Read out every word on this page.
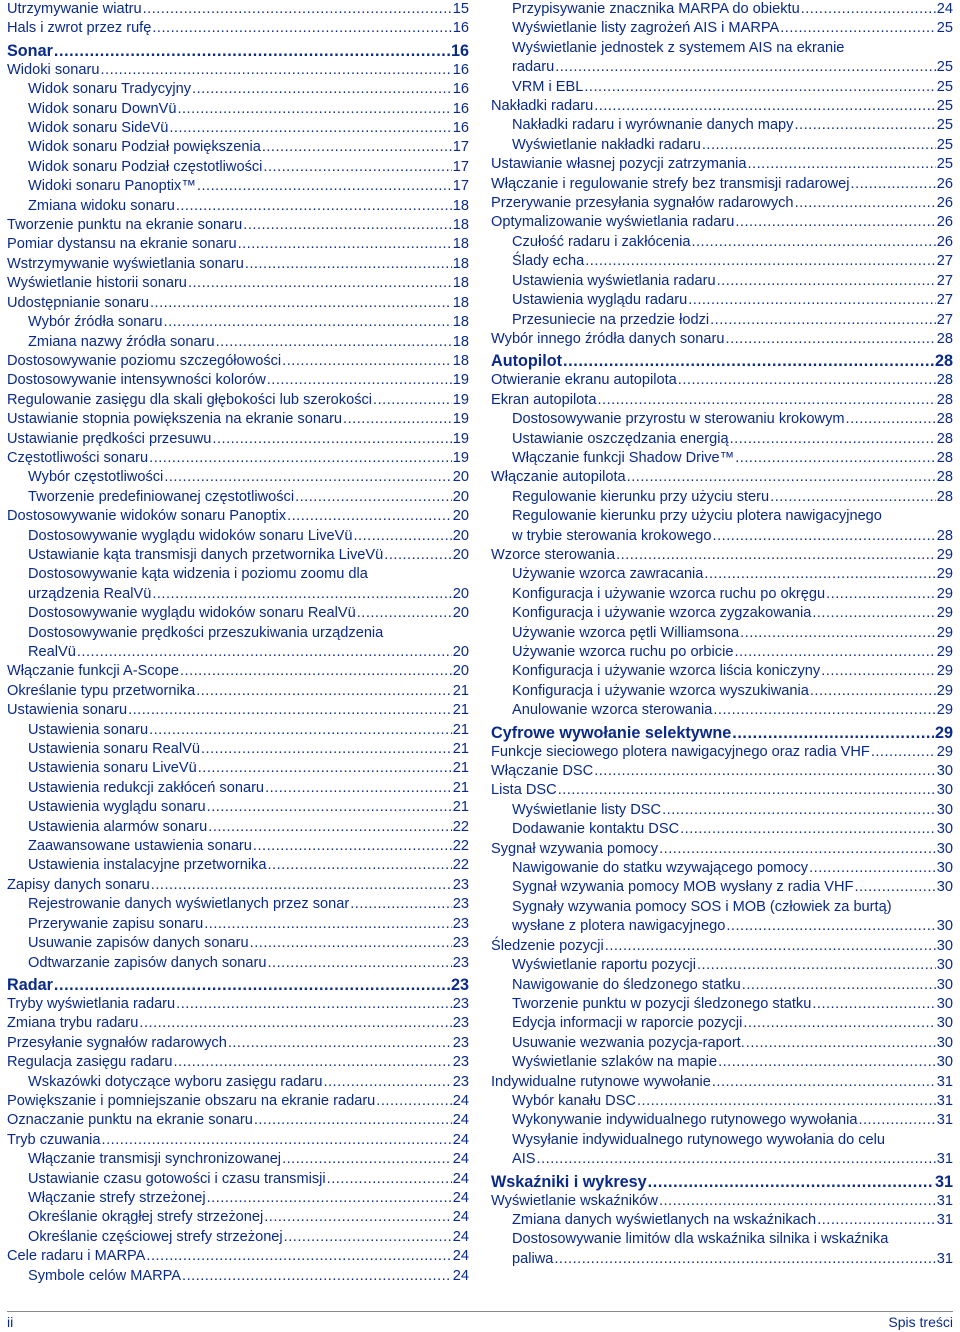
Utrzymywanie wiatru .....	15
Hals i zwrot przez rufę .....	16
Sonar .....	16
Widoki sonaru .....	16
Widok sonaru Tradycyjny .....	16
Widok sonaru DownVü .....	16
Widok sonaru SideVü .....	16
Widok sonaru Podział powiększenia .....	17
Widok sonaru Podział częstotliwości .....	17
Widoki sonaru Panoptix™ .....	17
Zmiana widoku sonaru .....	18
Tworzenie punktu na ekranie sonaru .....	18
Pomiar dystansu na ekranie sonaru .....	18
Wstrzymywanie wyświetlania sonaru .....	18
Wyświetlanie historii sonaru .....	18
Udostępnianie sonaru .....	18
Wybór źródła sonaru .....	18
Zmiana nazwy źródła sonaru .....	18
Dostosowywanie poziomu szczegółowości .....	18
Dostosowywanie intensywności kolorów .....	19
Regulowanie zasięgu dla skali głębokości lub szerokości .....	19
Ustawianie stopnia powiększenia na ekranie sonaru .....	19
Ustawianie prędkości przesuwu .....	19
Częstotliwości sonaru .....	19
Wybór częstotliwości .....	20
Tworzenie predefiniowanej częstotliwości .....	20
Dostosowywanie widoków sonaru Panoptix .....	20
Dostosowywanie wyglądu widoków sonaru LiveVü .....	20
Ustawianie kąta transmisji danych przetwornika LiveVü .....	20
Dostosowywanie kąta widzenia i poziomu zoomu dla
urządzenia RealVü .....	20
Dostosowywanie wyglądu widoków sonaru RealVü .....	20
Dostosowywanie prędkości przeszukiwania urządzenia
RealVü .....	20
Włączanie funkcji A-Scope .....	20
Określanie typu przetwornika .....	21
Ustawienia sonaru .....	21
Ustawienia sonaru .....	21
Ustawienia sonaru RealVü .....	21
Ustawienia sonaru LiveVü .....	21
Ustawienia redukcji zakłóceń sonaru .....	21
Ustawienia wyglądu sonaru .....	21
Ustawienia alarmów sonaru .....	22
Zaawansowane ustawienia sonaru .....	22
Ustawienia instalacyjne przetwornika .....	22
Zapisy danych sonaru .....	23
Rejestrowanie danych wyświetlanych przez sonar .....	23
Przerywanie zapisu sonaru .....	23
Usuwanie zapisów danych sonaru .....	23
Odtwarzanie zapisów danych sonaru .....	23
Radar .....	23
Tryby wyświetlania radaru .....	23
Zmiana trybu radaru .....	23
Przesyłanie sygnałów radarowych .....	23
Regulacja zasięgu radaru .....	23
Wskazówki dotyczące wyboru zasięgu radaru .....	23
Powiększanie i pomniejszanie obszaru na ekranie radaru .....	24
Oznaczanie punktu na ekranie sonaru .....	24
Tryb czuwania .....	24
Włączanie transmisji synchronizowanej .....	24
Ustawianie czasu gotowości i czasu transmisji .....	24
Włączanie strefy strzeżonej .....	24
Określanie okrągłej strefy strzeżonej .....	24
Określanie częściowej strefy strzeżonej .....	24
Cele radaru i MARPA .....	24
Symbole celów MARPA .....	24
Przypisywanie znacznika MARPA do obiektu .....	24
Wyświetlanie listy zagrożeń AIS i MARPA .....	25
Wyświetlanie jednostek z systemem AIS na ekranie
radaru .....	25
VRM i EBL .....	25
Nakładki radaru .....	25
Nakładki radaru i wyrównanie danych mapy .....	25
Wyświetlanie nakładki radaru .....	25
Ustawianie własnej pozycji zatrzymania .....	25
Włączanie i regulowanie strefy bez transmisji radarowej .....	26
Przerywanie przesyłania sygnałów radarowych .....	26
Optymalizowanie wyświetlania radaru .....	26
Czułość radaru i zakłócenia .....	26
Ślady echa .....	27
Ustawienia wyświetlania radaru .....	27
Ustawienia wyglądu radaru .....	27
Przesuniecie na przedzie łodzi .....	27
Wybór innego źródła danych sonaru .....	28
Autopilot .....	28
Otwieranie ekranu autopilota .....	28
Ekran autopilota .....	28
Dostosowywanie przyrostu w sterowaniu krokowym .....	28
Ustawianie oszczędzania energią .....	28
Włączanie funkcji Shadow Drive™ .....	28
Włączanie autopilota .....	28
Regulowanie kierunku przy użyciu steru .....	28
Regulowanie kierunku przy użyciu plotera nawigacyjnego
w trybie sterowania krokowego .....	28
Wzorce sterowania .....	29
Używanie wzorca zawracania .....	29
Konfiguracja i używanie wzorca ruchu po okręgu .....	29
Konfiguracja i używanie wzorca zygzakowania .....	29
Używanie wzorca pętli Williamsona .....	29
Używanie wzorca ruchu po orbicie .....	29
Konfiguracja i używanie wzorca liścia koniczyny .....	29
Konfiguracja i używanie wzorca wyszukiwania .....	29
Anulowanie wzorca sterowania .....	29
Cyfrowe wywołanie selektywne .....	29
Funkcje sieciowego plotera nawigacyjnego oraz radia VHF .....	29
Włączanie DSC .....	30
Lista DSC .....	30
Wyświetlanie listy DSC .....	30
Dodawanie kontaktu DSC .....	30
Sygnał wzywania pomocy .....	30
Nawigowanie do statku wzywającego pomocy .....	30
Sygnał wzywania pomocy MOB wysłany z radia VHF .....	30
Sygnały wzywania pomocy SOS i MOB (człowiek za burtą)
wysłane z plotera nawigacyjnego .....	30
Śledzenie pozycji .....	30
Wyświetlanie raportu pozycji .....	30
Nawigowanie do śledzonego statku .....	30
Tworzenie punktu w pozycji śledzonego statku .....	30
Edycja informacji w raporcie pozycji .....	30
Usuwanie wezwania pozycja-raport. .....	30
Wyświetlanie szlaków na mapie .....	30
Indywidualne rutynowe wywołanie .....	31
Wybór kanału DSC .....	31
Wykonywanie indywidualnego rutynowego wywołania .....	31
Wysyłanie indywidualnego rutynowego wywołania do celu
AIS .....	31
Wskaźniki i wykresy .....	31
Wyświetlanie wskaźników .....	31
Zmiana danych wyświetlanych na wskaźnikach .....	31
Dostosowywanie limitów dla wskaźnika silnika i wskaźnika
paliwa .....	31
ii	Spis treści
